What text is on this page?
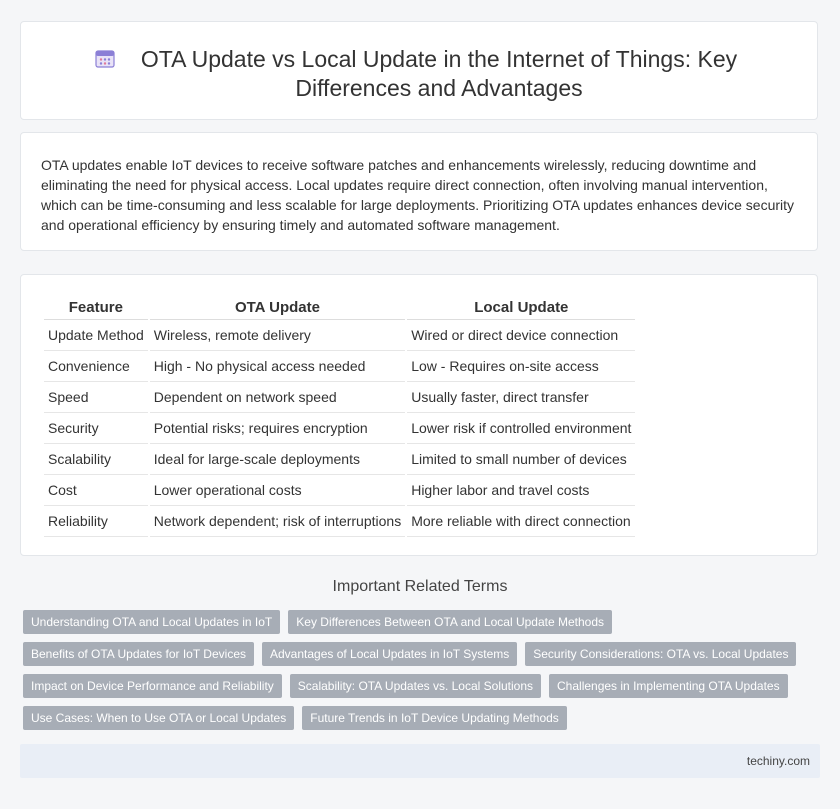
OTA Update vs Local Update in the Internet of Things: Key Differences and Advantages
OTA updates enable IoT devices to receive software patches and enhancements wirelessly, reducing downtime and eliminating the need for physical access. Local updates require direct connection, often involving manual intervention, which can be time-consuming and less scalable for large deployments. Prioritizing OTA updates enhances device security and operational efficiency by ensuring timely and automated software management.
Feature	OTA Update	Local Update
Update Method	Wireless, remote delivery	Wired or direct device connection
Convenience	High - No physical access needed	Low - Requires on-site access
Speed	Dependent on network speed	Usually faster, direct transfer
Security	Potential risks; requires encryption	Lower risk if controlled environment
Scalability	Ideal for large-scale deployments	Limited to small number of devices
Cost	Lower operational costs	Higher labor and travel costs
Reliability	Network dependent; risk of interruptions	More reliable with direct connection
Important Related Terms
Understanding OTA and Local Updates in IoT	Key Differences Between OTA and Local Update Methods
Benefits of OTA Updates for IoT Devices	Advantages of Local Updates in IoT Systems	Security Considerations: OTA vs. Local Updates
Impact on Device Performance and Reliability	Scalability: OTA Updates vs. Local Solutions	Challenges in Implementing OTA Updates
Use Cases: When to Use OTA or Local Updates	Future Trends in IoT Device Updating Methods
techiny.com
